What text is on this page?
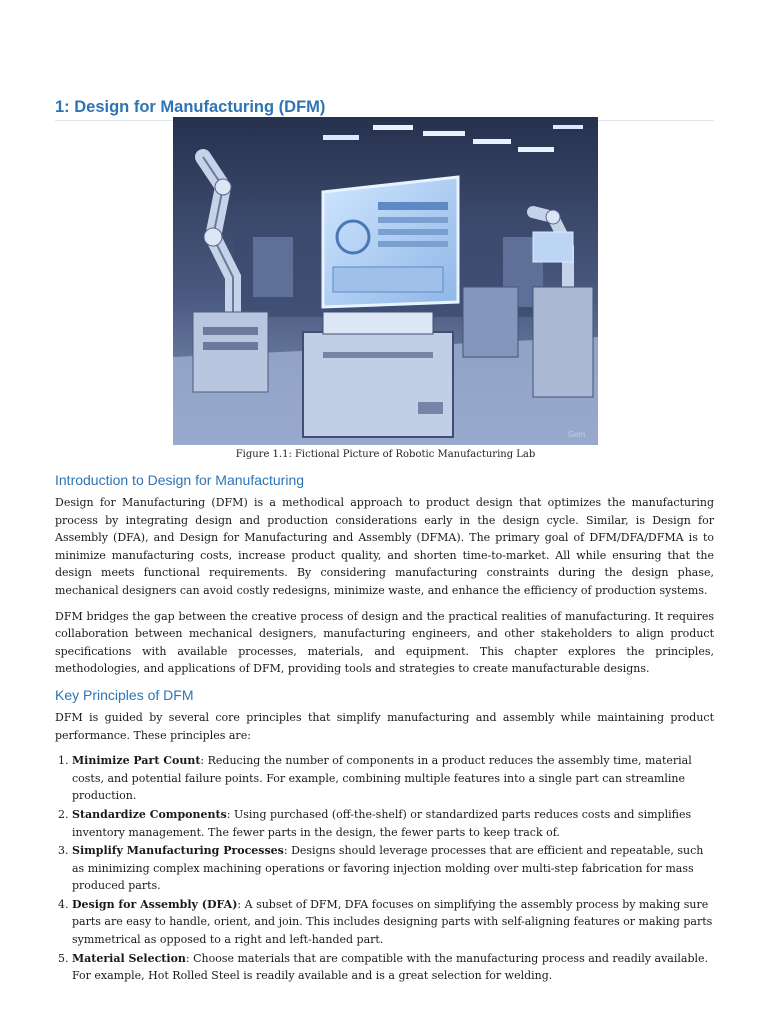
1: Design for Manufacturing (DFM)
Gem
Figure 1.1: Fictional Picture of Robotic Manufacturing Lab
Introduction to Design for Manufacturing

Design for Manufacturing (DFM) is a methodical approach to product design that optimizes the manufacturing process by integrating design and production considerations early in the design cycle. Similar, is Design for Assembly (DFA), and Design for Manufacturing and Assembly (DFMA). The primary goal of DFM/DFA/DFMA is to minimize manufacturing costs, increase product quality, and shorten time-to-market. All while ensuring that the design meets functional requirements. By considering manufacturing constraints during the design phase, mechanical designers can avoid costly redesigns, minimize waste, and enhance the efficiency of production systems.

DFM bridges the gap between the creative process of design and the practical realities of manufacturing. It requires collaboration between mechanical designers, manufacturing engineers, and other stakeholders to align product specifications with available processes, materials, and equipment. This chapter explores the principles, methodologies, and applications of DFM, providing tools and strategies to create manufacturable designs.

Key Principles of DFM

DFM is guided by several core principles that simplify manufacturing and assembly while maintaining product performance. These principles are:

1. Minimize Part Count: Reducing the number of components in a product reduces the assembly time, material costs, and potential failure points. For example, combining multiple features into a single part can streamline production.
2. Standardize Components: Using purchased (off-the-shelf) or standardized parts reduces costs and simplifies inventory management. The fewer parts in the design, the fewer parts to keep track of.
3. Simplify Manufacturing Processes: Designs should leverage processes that are efficient and repeatable, such as minimizing complex machining operations or favoring injection molding over multi-step fabrication for mass produced parts.
4. Design for Assembly (DFA): A subset of DFM, DFA focuses on simplifying the assembly process by making sure parts are easy to handle, orient, and join. This includes designing parts with self-aligning features or making parts symmetrical as opposed to a right and left-handed part.
5. Material Selection: Choose materials that are compatible with the manufacturing process and readily available. For example, Hot Rolled Steel is readily available and is a great selection for welding.
